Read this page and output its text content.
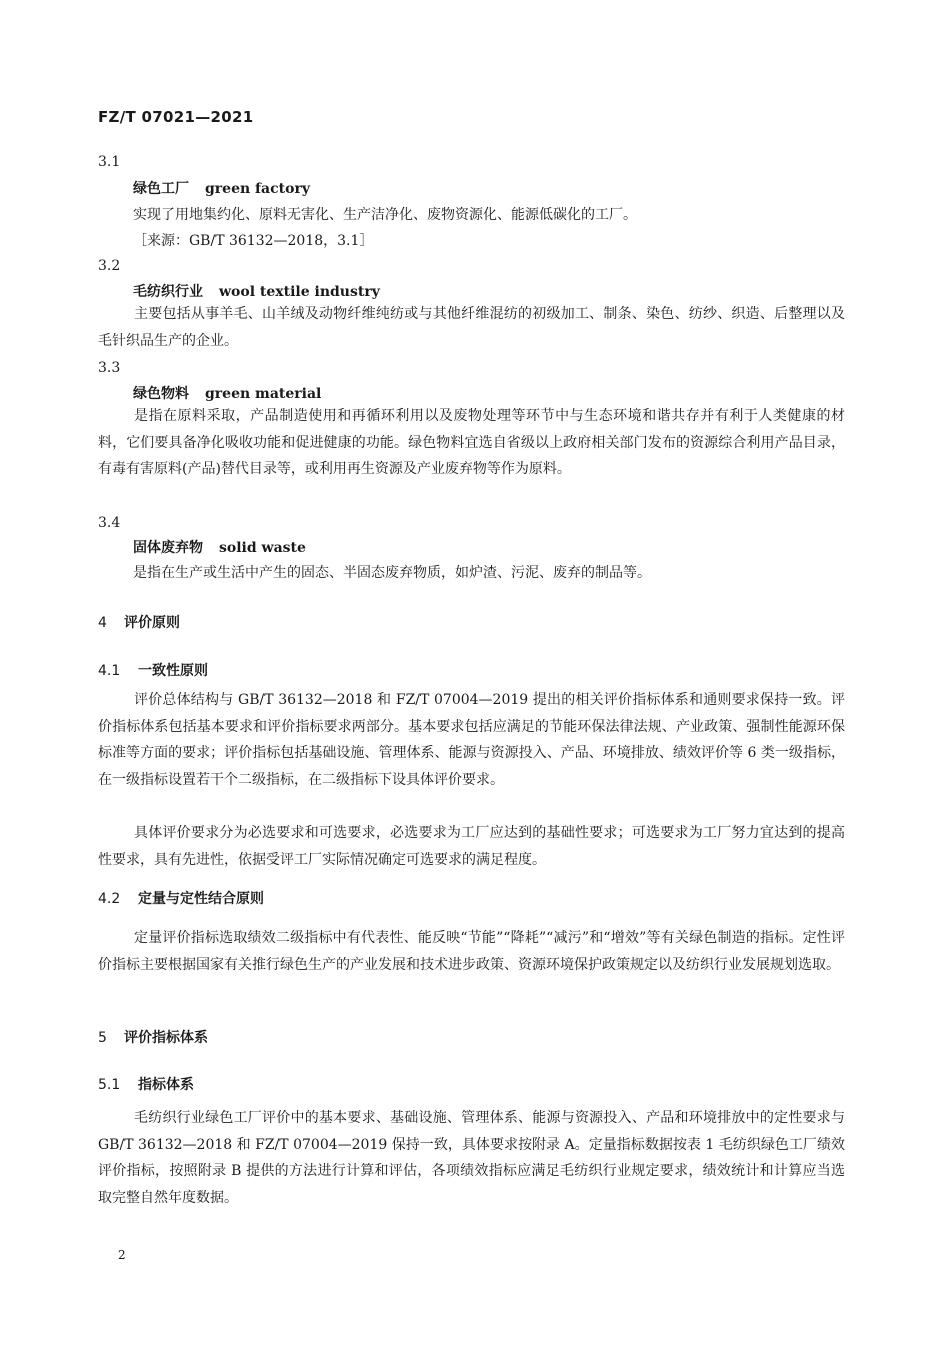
FZ/T 07021—2021
3.1
绿色工厂 green factory
实现了用地集约化、原料无害化、生产洁净化、废物资源化、能源低碳化的工厂。
［来源：GB/T 36132—2018，3.1］
3.2
毛纺织行业 wool textile industry

主要包括从事羊毛、山羊绒及动物纤维纯纺或与其他纤维混纺的初级加工、制条、染色、纺纱、织造、后整理以及毛针织品生产的企业。

3.3
绿色物料 green material

是指在原料采取，产品制造使用和再循环利用以及废物处理等环节中与生态环境和谐共存并有利于人类健康的材料，它们要具备净化吸收功能和促进健康的功能。绿色物料宜选自省级以上政府相关部门发布的资源综合利用产品目录，有毒有害原料(产品)替代目录等，或利用再生资源及产业废弃物等作为原料。

3.4
固体废弃物 solid waste
是指在生产或生活中产生的固态、半固态废弃物质，如炉渣、污泥、废弃的制品等。
4 评价原则
4.1 一致性原则

评价总体结构与 GB/T 36132—2018 和 FZ/T 07004—2019 提出的相关评价指标体系和通则要求保持一致。评价指标体系包括基本要求和评价指标要求两部分。基本要求包括应满足的节能环保法律法规、产业政策、强制性能源环保标准等方面的要求；评价指标包括基础设施、管理体系、能源与资源投入、产品、环境排放、绩效评价等 6 类一级指标，在一级指标设置若干个二级指标，在二级指标下设具体评价要求。

具体评价要求分为必选要求和可选要求，必选要求为工厂应达到的基础性要求；可选要求为工厂努力宜达到的提高性要求，具有先进性，依据受评工厂实际情况确定可选要求的满足程度。

4.2 定量与定性结合原则

定量评价指标选取绩效二级指标中有代表性、能反映“节能”“降耗”“减污”和“增效”等有关绿色制造的指标。定性评价指标主要根据国家有关推行绿色生产的产业发展和技术进步政策、资源环境保护政策规定以及纺织行业发展规划选取。

5 评价指标体系
5.1 指标体系

毛纺织行业绿色工厂评价中的基本要求、基础设施、管理体系、能源与资源投入、产品和环境排放中的定性要求与 GB/T 36132—2018 和 FZ/T 07004—2019 保持一致，具体要求按附录 A。定量指标数据按表 1 毛纺织绿色工厂绩效评价指标，按照附录 B 提供的方法进行计算和评估，各项绩效指标应满足毛纺织行业规定要求，绩效统计和计算应当选取完整自然年度数据。

2
